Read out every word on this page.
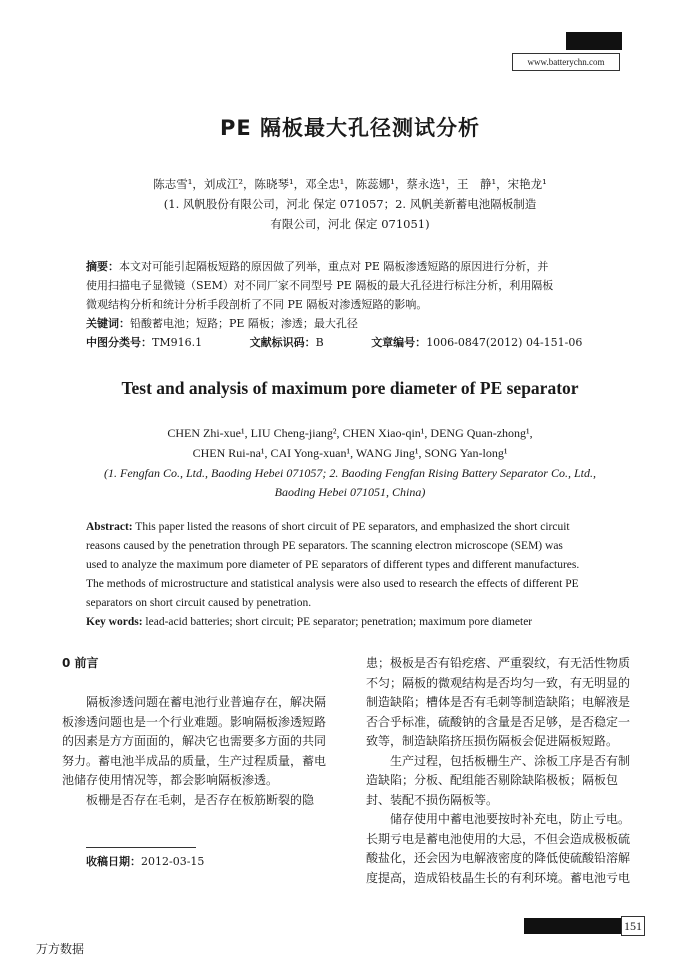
www.batterychn.com
PE 隔板最大孔径测试分析
陈志雪¹，刘成江²，陈晓琴¹，邓全忠¹，陈蕊娜¹，蔡永选¹，王　静¹，宋艳龙¹
(1. 风帆股份有限公司，河北 保定 071057；2. 风帆美新蓄电池隔板制造
有限公司，河北 保定 071051)
摘要：本文对可能引起隔板短路的原因做了列举，重点对 PE 隔板渗透短路的原因进行分析，并
使用扫描电子显微镜（SEM）对不同厂家不同型号 PE 隔板的最大孔径进行标注分析，利用隔板
微观结构分析和统计分析手段剖析了不同 PE 隔板对渗透短路的影响。
关键词：铅酸蓄电池；短路；PE 隔板；渗透；最大孔径
中图分类号：TM916.1	文献标识码：B	文章编号：1006-0847(2012) 04-151-06
Test and analysis of maximum pore diameter of PE separator
CHEN Zhi-xue¹, LIU Cheng-jiang², CHEN Xiao-qin¹, DENG Quan-zhong¹,
CHEN Rui-na¹, CAI Yong-xuan¹, WANG Jing¹, SONG Yan-long¹
(1. Fengfan Co., Ltd., Baoding Hebei 071057; 2. Baoding Fengfan Rising Battery Separator Co., Ltd.,
Baoding Hebei 071051, China)
Abstract: This paper listed the reasons of short circuit of PE separators, and emphasized the short circuit
reasons caused by the penetration through PE separators. The scanning electron microscope (SEM) was
used to analyze the maximum pore diameter of PE separators of different types and different manufactures.
The methods of microstructure and statistical analysis were also used to research the effects of different PE
separators on short circuit caused by penetration.
Key words: lead-acid batteries; short circuit; PE separator; penetration; maximum pore diameter

0 前言

　　隔板渗透问题在蓄电池行业普遍存在，解决隔

板渗透问题也是一个行业难题。影响隔板渗透短路

的因素是方方面面的，解决它也需要多方面的共同

努力。蓄电池半成品的质量，生产过程质量，蓄电

池储存使用情况等，都会影响隔板渗透。

　　板栅是否存在毛刺，是否存在板筋断裂的隐

收稿日期：2012-03-15

患；极板是否有铅疙瘩、严重裂纹，有无活性物质

不匀；隔板的微观结构是否均匀一致，有无明显的

制造缺陷；槽体是否有毛刺等制造缺陷；电解液是

否合乎标准，硫酸钠的含量是否足够，是否稳定一

致等，制造缺陷挤压损伤隔板会促进隔板短路。

　　生产过程，包括板栅生产、涂板工序是否有制

造缺陷；分板、配组能否剔除缺陷极板；隔板包

封、装配不损伤隔板等。

　　储存使用中蓄电池要按时补充电，防止亏电。

长期亏电是蓄电池使用的大忌，不但会造成极板硫

酸盐化，还会因为电解液密度的降低使硫酸铅溶解

度提高，造成铅枝晶生长的有利环境。蓄电池亏电

151
万方数据
